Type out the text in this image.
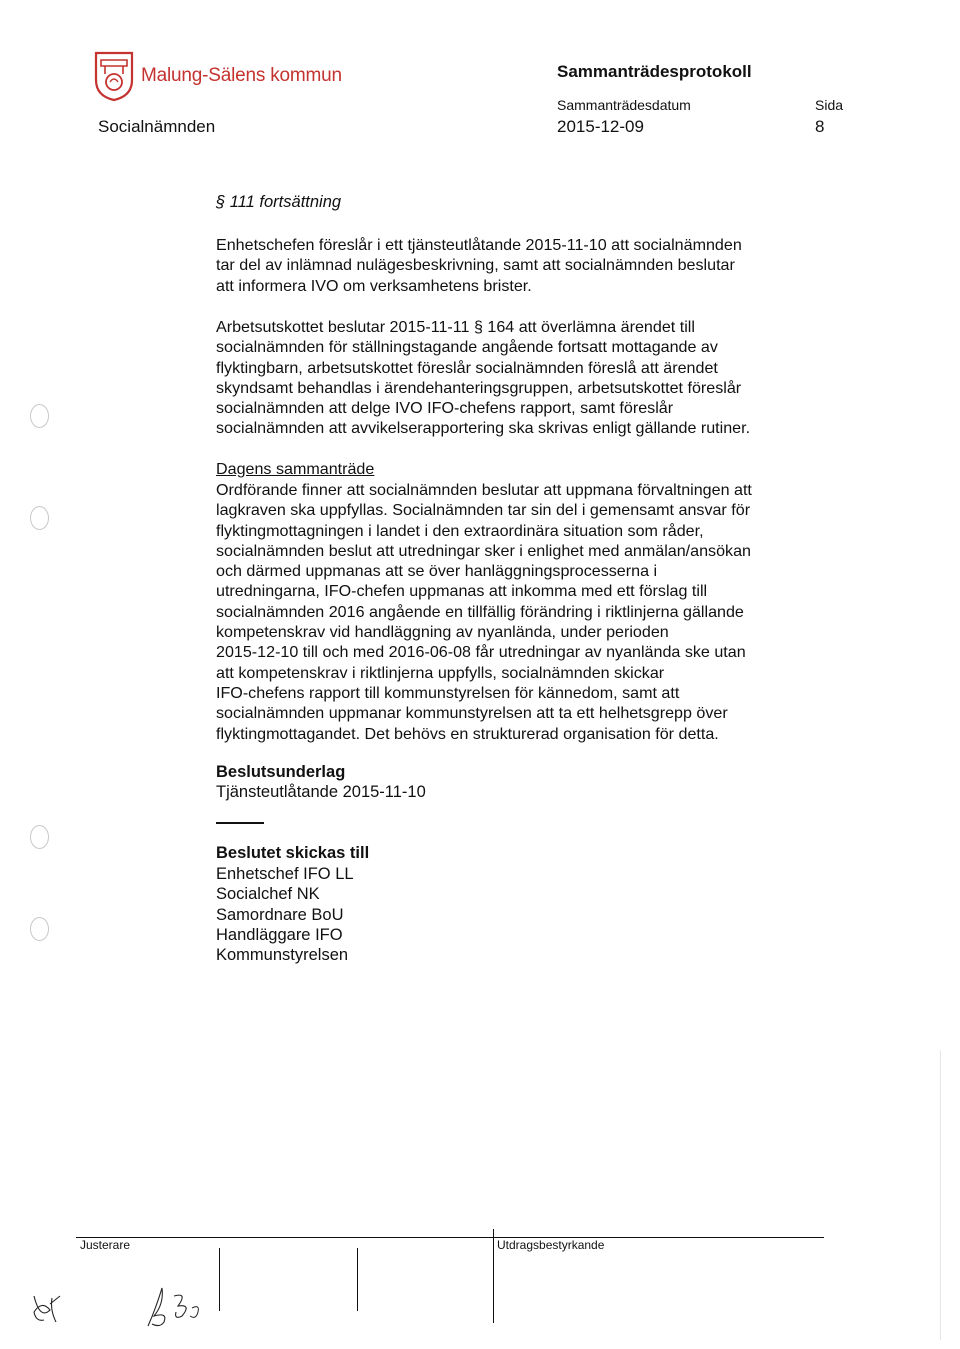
Malung-Sälens kommun	Sammanträdesprotokoll
Sammanträdesdatum	Sida
Socialnämnden	2015-12-09	8
§ 111 fortsättning
Enhetschefen föreslår i ett tjänsteutlåtande 2015-11-10 att socialnämnden
tar del av inlämnad nulägesbeskrivning, samt att socialnämnden beslutar
att informera IVO om verksamhetens brister.
Arbetsutskottet beslutar 2015-11-11 § 164 att överlämna ärendet till
socialnämnden för ställningstagande angående fortsatt mottagande av
flyktingbarn, arbetsutskottet föreslår socialnämnden föreslå att ärendet
skyndsamt behandlas i ärendehanteringsgruppen, arbetsutskottet föreslår
socialnämnden att delge IVO IFO-chefens rapport, samt föreslår
socialnämnden att avvikelserapportering ska skrivas enligt gällande rutiner.
Dagens sammanträde
Ordförande finner att socialnämnden beslutar att uppmana förvaltningen att
lagkraven ska uppfyllas. Socialnämnden tar sin del i gemensamt ansvar för
flyktingmottagningen i landet i den extraordinära situation som råder,
socialnämnden beslut att utredningar sker i enlighet med anmälan/ansökan
och därmed uppmanas att se över hanläggningsprocesserna i
utredningarna, IFO-chefen uppmanas att inkomma med ett förslag till
socialnämnden 2016 angående en tillfällig förändring i riktlinjerna gällande
kompetenskrav vid handläggning av nyanlända, under perioden
2015-12-10 till och med 2016-06-08 får utredningar av nyanlända ske utan
att kompetenskrav i riktlinjerna uppfylls, socialnämnden skickar
IFO-chefens rapport till kommunstyrelsen för kännedom, samt att
socialnämnden uppmanar kommunstyrelsen att ta ett helhetsgrepp över
flyktingmottagandet. Det behövs en strukturerad organisation för detta.
Beslutsunderlag
Tjänsteutlåtande 2015-11-10
Beslutet skickas till
Enhetschef IFO LL
Socialchef NK
Samordnare BoU
Handläggare IFO
Kommunstyrelsen
Justerare	Utdragsbestyrkande
